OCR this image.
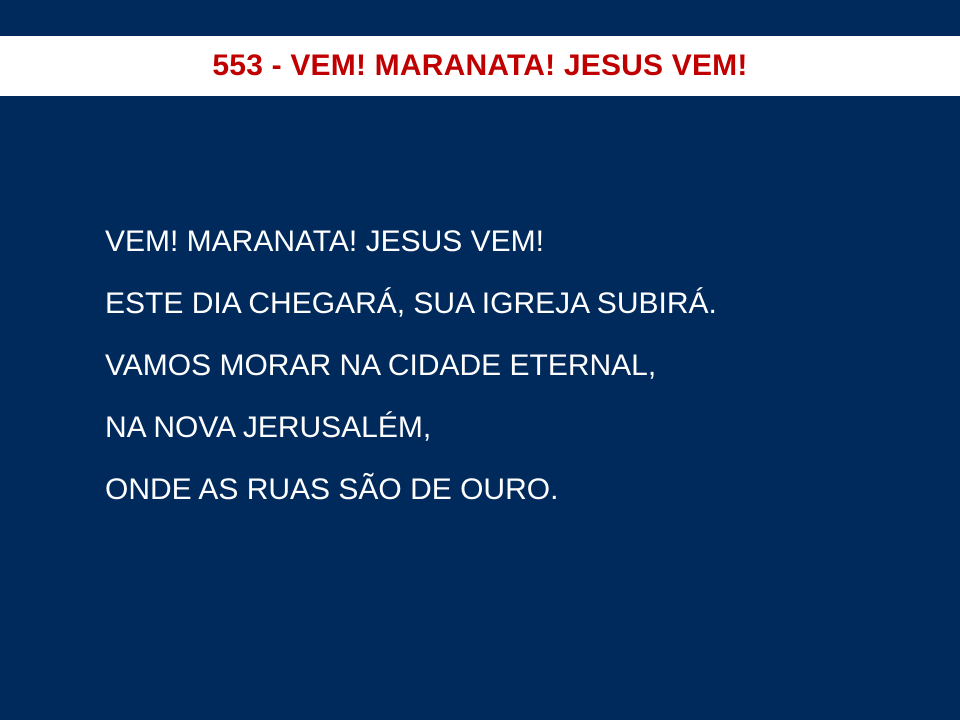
553 - VEM! MARANATA! JESUS VEM!

VEM! MARANATA! JESUS VEM!

ESTE DIA CHEGARÁ, SUA IGREJA SUBIRÁ.

VAMOS MORAR NA CIDADE ETERNAL,

NA NOVA JERUSALÉM,

ONDE AS RUAS SÃO DE OURO.
